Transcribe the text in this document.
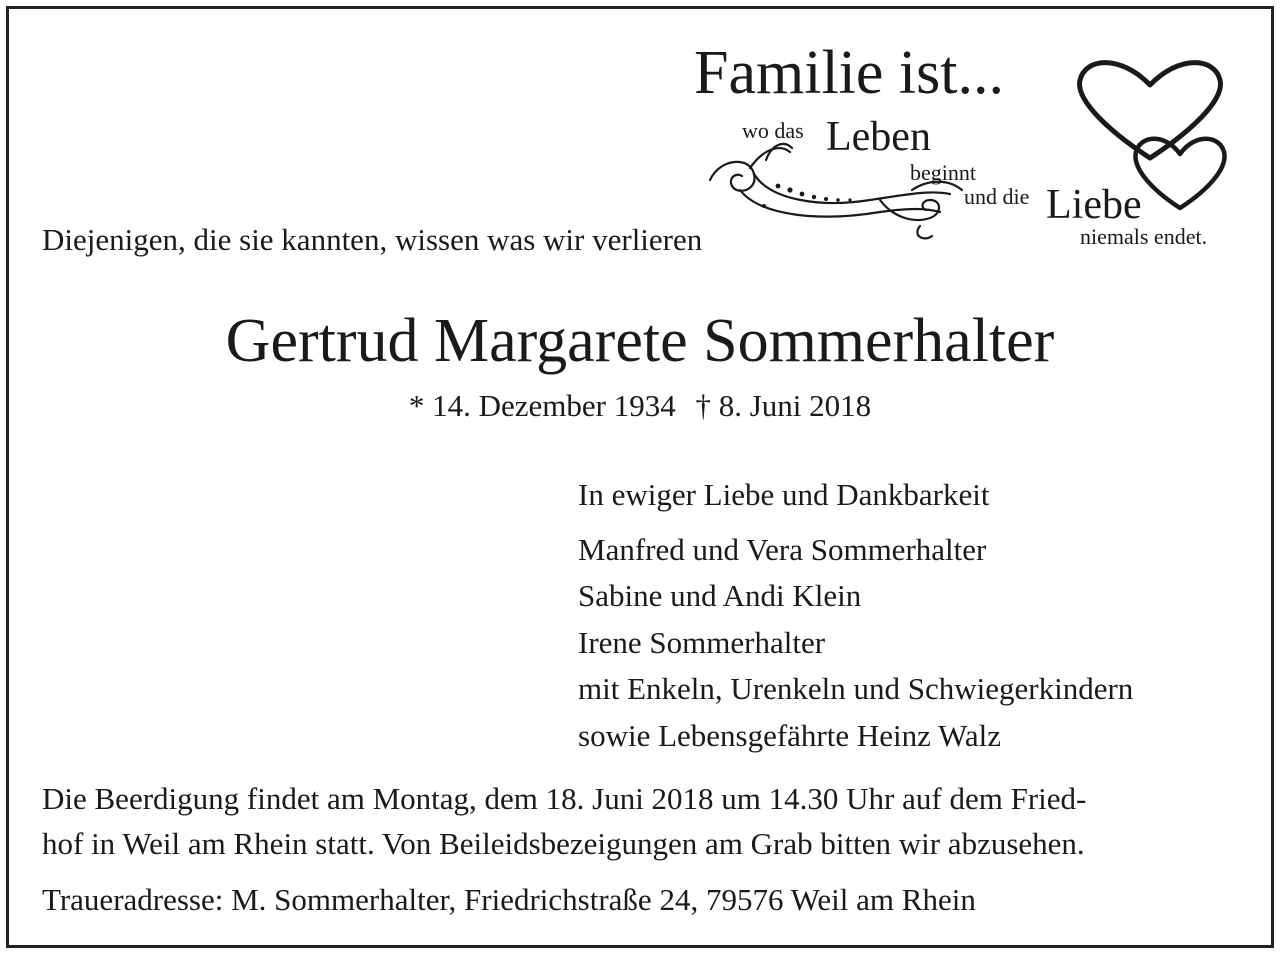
Familie ist...
wo das Leben
beginnt
und die Liebe
niemals endet.
Diejenigen, die sie kannten, wissen was wir verlieren
Gertrud Margarete Sommerhalter
* 14. Dezember 1934 † 8. Juni 2018
In ewiger Liebe und Dankbarkeit
Manfred und Vera Sommerhalter
Sabine und Andi Klein
Irene Sommerhalter
mit Enkeln, Urenkeln und Schwiegerkindern
sowie Lebensgefährte Heinz Walz
Die Beerdigung findet am Montag, dem 18. Juni 2018 um 14.30 Uhr auf dem Fried-
hof in Weil am Rhein statt. Von Beileidsbezeigungen am Grab bitten wir abzusehen.
Traueradresse: M. Sommerhalter, Friedrichstraße 24, 79576 Weil am Rhein
